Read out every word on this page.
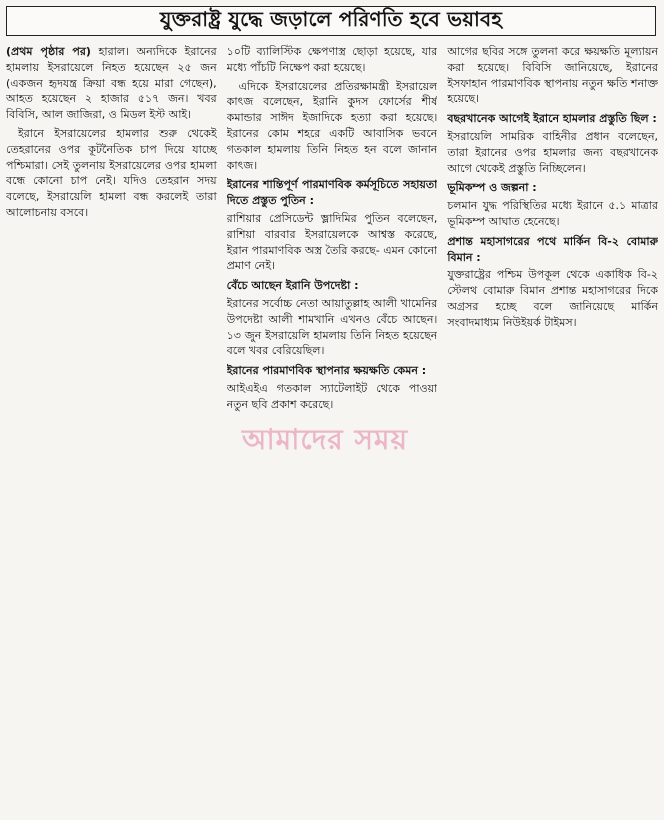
যুক্তরাষ্ট্র যুদ্ধে জড়ালে পরিণতি হবে ভয়াবহ

(প্রথম পৃষ্ঠার পর) হারাল। অন্যদিকে ইরানের হামলায় ইসরায়েলে নিহত হয়েছেন ২৫ জন (একজন হৃদযন্ত্র ক্রিয়া বন্ধ হয়ে মারা গেছেন), আহত হয়েছেন ২ হাজার ৫১৭ জন। খবর বিবিসি, আল জাজিরা, ও মিডল ইস্ট আই।

ইরানে ইসরায়েলের হামলার শুরু থেকেই তেহরানের ওপর কূটনৈতিক চাপ দিয়ে যাচ্ছে পশ্চিমারা। সেই তুলনায় ইসরায়েলের ওপর হামলা বন্ধে কোনো চাপ নেই। যদিও তেহরান সদয় বলেছে, ইসরায়েলি হামলা বন্ধ করলেই তারা আলোচনায় বসবে।

১০টি ব্যালিস্টিক ক্ষেপণাস্ত্র ছোড়া হয়েছে, যার মধ্যে পাঁচটি নিক্ষেপ করা হয়েছে।

এদিকে ইসরায়েলের প্রতিরক্ষামন্ত্রী ইসরায়েল কাৎজ বলেছেন, ইরানি কুদস ফোর্সের শীর্ষ কমান্ডার সাঈদ ইজাদিকে হত্যা করা হয়েছে। ইরানের কোম শহরে একটি আবাসিক ভবনে গতকাল হামলায় তিনি নিহত হন বলে জানান কাৎজ।

ইরানের শান্তিপূর্ণ পারমাণবিক কর্মসূচিতে সহায়তা দিতে প্রস্তুত পুতিন :

রাশিয়ার প্রেসিডেন্ট ভ্লাদিমির পুতিন বলেছেন, রাশিয়া বারবার ইসরায়েলকে আশ্বস্ত করেছে, ইরান পারমাণবিক অস্ত্র তৈরি করছে- এমন কোনো প্রমাণ নেই।

বেঁচে আছেন ইরানি উপদেষ্টা :

ইরানের সর্বোচ্চ নেতা আয়াতুল্লাহ আলী খামেনির উপদেষ্টা আলী শামখানি এখনও বেঁচে আছেন। ১৩ জুন ইসরায়েলি হামলায় তিনি নিহত হয়েছেন বলে খবর বেরিয়েছিল।

ইরানের পারমাণবিক স্থাপনার ক্ষয়ক্ষতি কেমন :

আইএইএ গতকাল স্যাটেলাইট থেকে পাওয়া নতুন ছবি প্রকাশ করেছে।

আগের ছবির সঙ্গে তুলনা করে ক্ষয়ক্ষতি মূল্যায়ন করা হয়েছে। বিবিসি জানিয়েছে, ইরানের ইসফাহান পারমাণবিক স্থাপনায় নতুন ক্ষতি শনাক্ত হয়েছে।

বছরখানেক আগেই ইরানে হামলার প্রস্তুতি ছিল :

ইসরায়েলি সামরিক বাহিনীর প্রধান বলেছেন, তারা ইরানের ওপর হামলার জন্য বছরখানেক আগে থেকেই প্রস্তুতি নিচ্ছিলেন।

ভূমিকম্প ও জল্পনা :

চলমান যুদ্ধ পরিস্থিতির মধ্যে ইরানে ৫.১ মাত্রার ভূমিকম্প আঘাত হেনেছে।

প্রশান্ত মহাসাগরের পথে মার্কিন বি-২ বোমারু বিমান :

যুক্তরাষ্ট্রের পশ্চিম উপকূল থেকে একাধিক বি-২ স্টেলথ বোমারু বিমান প্রশান্ত মহাসাগরের দিকে অগ্রসর হচ্ছে বলে জানিয়েছে মার্কিন সংবাদমাধ্যম নিউইয়র্ক টাইমস।

আমাদের সময়
